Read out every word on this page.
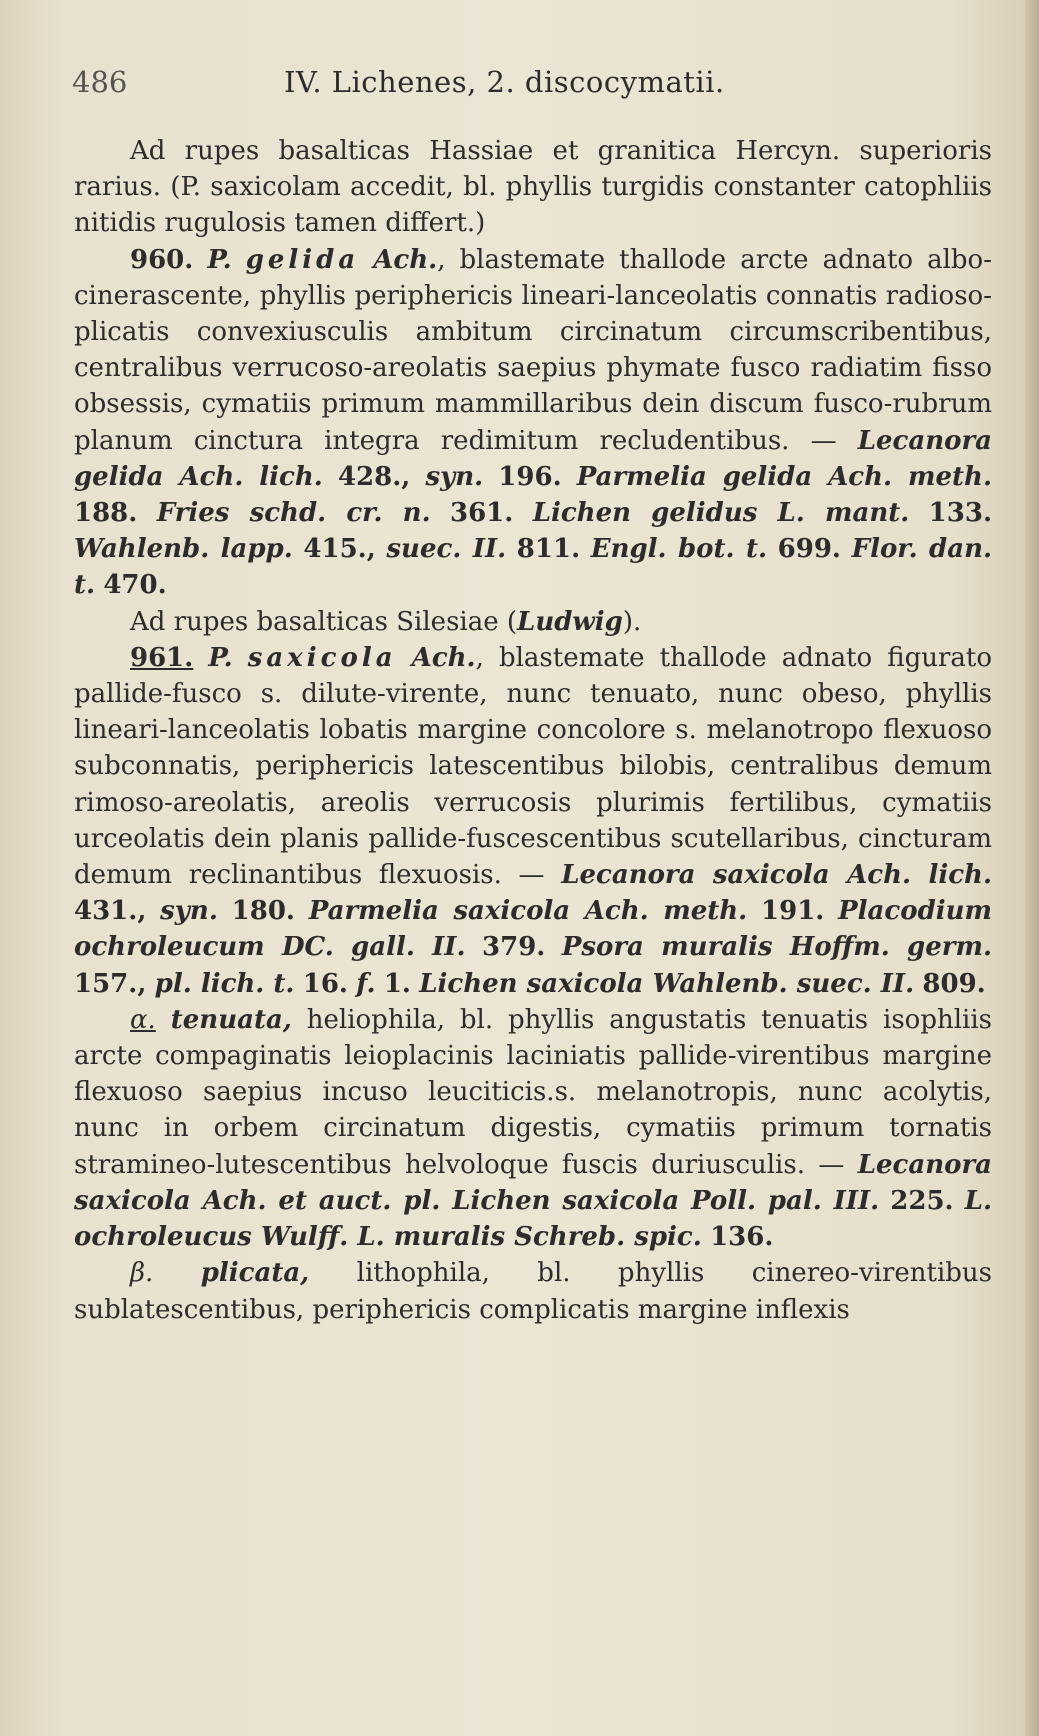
486	IV. Lichenes, 2. discocymatii.

Ad rupes basalticas Hassiae et granitica Hercyn. superioris rarius. (P. saxicolam accedit, bl. phyllis turgidis constanter catophliis nitidis rugulosis tamen differt.)

960. P. gelida Ach., blastemate thallode arcte adnato albo-cinerascente, phyllis periphericis lineari-lanceolatis connatis radioso-plicatis convexiusculis ambitum circinatum circumscribentibus, centralibus verrucoso-areolatis saepius phymate fusco radiatim fisso obsessis, cymatiis primum mammillaribus dein discum fusco-rubrum planum cinctura integra redimitum recludentibus. — Lecanora gelida Ach. lich. 428., syn. 196. Parmelia gelida Ach. meth. 188. Fries schd. cr. n. 361. Lichen gelidus L. mant. 133. Wahlenb. lapp. 415., suec. II. 811. Engl. bot. t. 699. Flor. dan. t. 470.

Ad rupes basalticas Silesiae (Ludwig).

961. P. saxicola Ach., blastemate thallode adnato figurato pallide-fusco s. dilute-virente, nunc tenuato, nunc obeso, phyllis lineari-lanceolatis lobatis margine concolore s. melanotropo flexuoso subconnatis, periphericis latescentibus bilobis, centralibus demum rimoso-areolatis, areolis verrucosis plurimis fertilibus, cymatiis urceolatis dein planis pallide-fuscescentibus scutellaribus, cincturam demum reclinantibus flexuosis. — Lecanora saxicola Ach. lich. 431., syn. 180. Parmelia saxicola Ach. meth. 191. Placodium ochroleucum DC. gall. II. 379. Psora muralis Hoffm. germ. 157., pl. lich. t. 16. f. 1. Lichen saxicola Wahlenb. suec. II. 809.

α. tenuata, heliophila, bl. phyllis angustatis tenuatis isophliis arcte compaginatis leioplacinis laciniatis pallide-virentibus margine flexuoso saepius incuso leuciticis.s. melanotropis, nunc acolytis, nunc in orbem circinatum digestis, cymatiis primum tornatis stramineo-lutescentibus helvoloque fuscis duriusculis. — Lecanora saxicola Ach. et auct. pl. Lichen saxicola Poll. pal. III. 225. L. ochroleucus Wulff. L. muralis Schreb. spic. 136.

β. plicata, lithophila, bl. phyllis cinereo-virentibus sublatescentibus, periphericis complicatis margine inflexis
